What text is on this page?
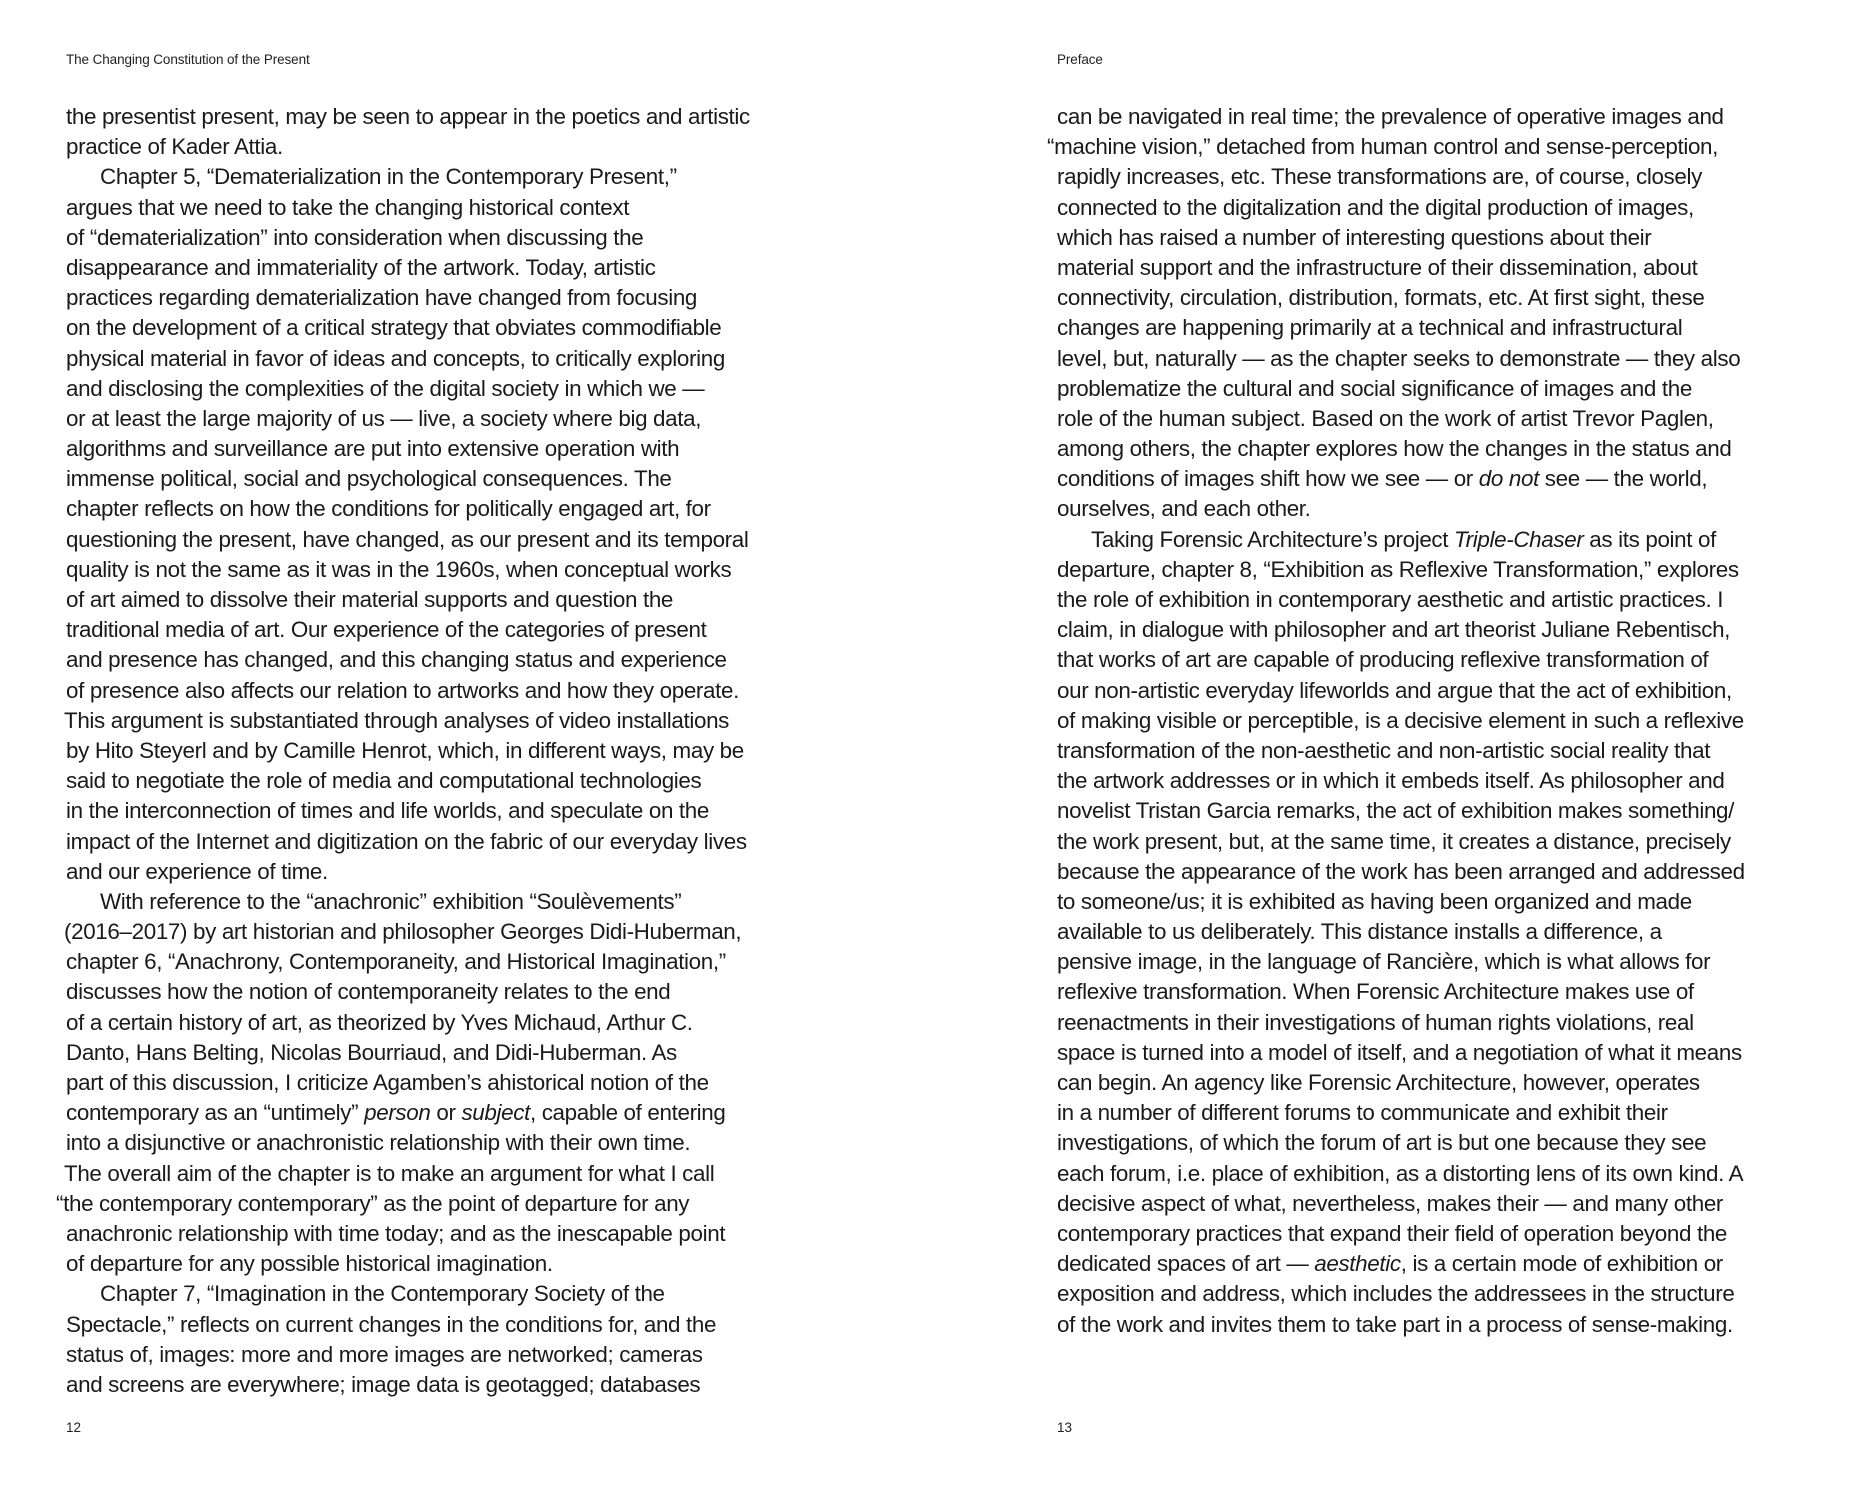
The Changing Constitution of the Present
the presentist present, may be seen to appear in the poetics and artistic
practice of Kader Attia.
Chapter 5, “Dematerialization in the Contemporary Present,”
argues that we need to take the changing historical context
of “dematerialization” into consideration when discussing the
disappearance and immateriality of the artwork. Today, artistic
practices regarding dematerialization have changed from focusing
on the development of a critical strategy that obviates commodifiable
physical material in favor of ideas and concepts, to critically exploring
and disclosing the complexities of the digital society in which we —
or at least the large majority of us — live, a society where big data,
algorithms and surveillance are put into extensive operation with
immense political, social and psychological consequences. The
chapter reflects on how the conditions for politically engaged art, for
questioning the present, have changed, as our present and its temporal
quality is not the same as it was in the 1960s, when conceptual works
of art aimed to dissolve their material supports and question the
traditional media of art. Our experience of the categories of present
and presence has changed, and this changing status and experience
of presence also affects our relation to artworks and how they operate.
This argument is substantiated through analyses of video installations
by Hito Steyerl and by Camille Henrot, which, in different ways, may be
said to negotiate the role of media and computational technologies
in the interconnection of times and life worlds, and speculate on the
impact of the Internet and digitization on the fabric of our everyday lives
and our experience of time.
With reference to the “anachronic” exhibition “Soulèvements”
(2016–2017) by art historian and philosopher Georges Didi-Huberman,
chapter 6, “Anachrony, Contemporaneity, and Historical Imagination,”
discusses how the notion of contemporaneity relates to the end
of a certain history of art, as theorized by Yves Michaud, Arthur C.
Danto, Hans Belting, Nicolas Bourriaud, and Didi-Huberman. As
part of this discussion, I criticize Agamben’s ahistorical notion of the
contemporary as an “untimely” person or subject, capable of entering
into a disjunctive or anachronistic relationship with their own time.
The overall aim of the chapter is to make an argument for what I call
“the contemporary contemporary” as the point of departure for any
anachronic relationship with time today; and as the inescapable point
of departure for any possible historical imagination.
Chapter 7, “Imagination in the Contemporary Society of the
Spectacle,” reflects on current changes in the conditions for, and the
status of, images: more and more images are networked; cameras
and screens are everywhere; image data is geotagged; databases
12
Preface
can be navigated in real time; the prevalence of operative images and
“machine vision,” detached from human control and sense-perception,
rapidly increases, etc. These transformations are, of course, closely
connected to the digitalization and the digital production of images,
which has raised a number of interesting questions about their
material support and the infrastructure of their dissemination, about
connectivity, circulation, distribution, formats, etc. At first sight, these
changes are happening primarily at a technical and infrastructural
level, but, naturally — as the chapter seeks to demonstrate — they also
problematize the cultural and social significance of images and the
role of the human subject. Based on the work of artist Trevor Paglen,
among others, the chapter explores how the changes in the status and
conditions of images shift how we see — or do not see — the world,
ourselves, and each other.
Taking Forensic Architecture’s project Triple-Chaser as its point of
departure, chapter 8, “Exhibition as Reflexive Transformation,” explores
the role of exhibition in contemporary aesthetic and artistic practices. I
claim, in dialogue with philosopher and art theorist Juliane Rebentisch,
that works of art are capable of producing reflexive transformation of
our non-artistic everyday lifeworlds and argue that the act of exhibition,
of making visible or perceptible, is a decisive element in such a reflexive
transformation of the non-aesthetic and non-artistic social reality that
the artwork addresses or in which it embeds itself. As philosopher and
novelist Tristan Garcia remarks, the act of exhibition makes something/
the work present, but, at the same time, it creates a distance, precisely
because the appearance of the work has been arranged and addressed
to someone/us; it is exhibited as having been organized and made
available to us deliberately. This distance installs a difference, a
pensive image, in the language of Rancière, which is what allows for
reflexive transformation. When Forensic Architecture makes use of
reenactments in their investigations of human rights violations, real
space is turned into a model of itself, and a negotiation of what it means
can begin. An agency like Forensic Architecture, however, operates
in a number of different forums to communicate and exhibit their
investigations, of which the forum of art is but one because they see
each forum, i.e. place of exhibition, as a distorting lens of its own kind. A
decisive aspect of what, nevertheless, makes their — and many other
contemporary practices that expand their field of operation beyond the
dedicated spaces of art — aesthetic, is a certain mode of exhibition or
exposition and address, which includes the addressees in the structure
of the work and invites them to take part in a process of sense-making.
13
